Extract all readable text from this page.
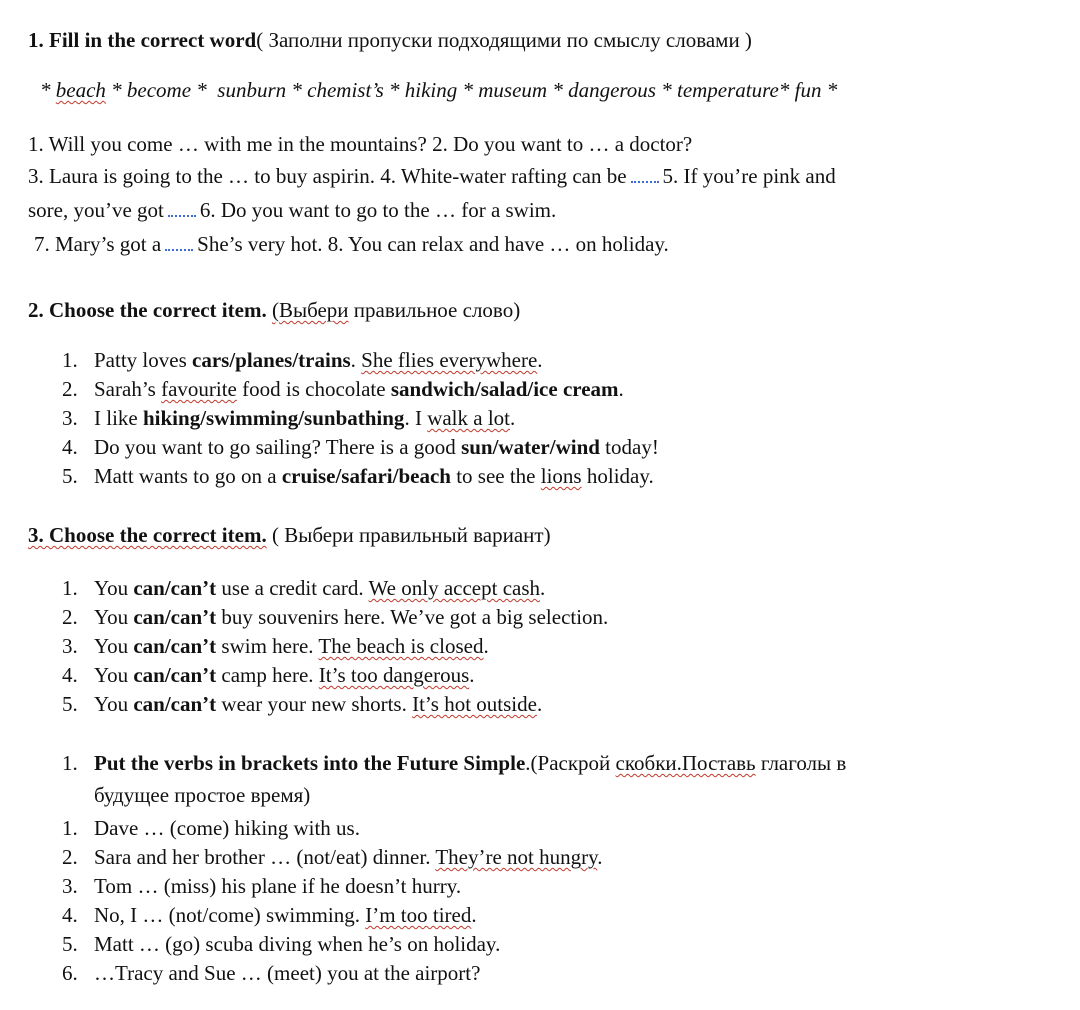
1. Fill in the correct word( Заполни пропуски подходящими по смыслу словами )
* beach * become *  sunburn * chemist’s * hiking * museum * dangerous * temperature* fun *
1. Will you come … with me in the mountains? 2. Do you want to … a doctor?
3. Laura is going to the … to buy aspirin. 4. White-water rafting can be 5. If you’re pink and
sore, you’ve got 6. Do you want to go to the … for a swim.
7. Mary’s got a She’s very hot. 8. You can relax and have … on holiday.
2. Choose the correct item. (Выбери правильное слово)
1. Patty loves cars/planes/trains. She flies everywhere.
2. Sarah’s favourite food is chocolate sandwich/salad/ice cream.
3. I like hiking/swimming/sunbathing. I walk a lot.
4. Do you want to go sailing? There is a good sun/water/wind today!
5. Matt wants to go on a cruise/safari/beach to see the lions holiday.
3. Choose the correct item. ( Выбери правильный вариант)
1. You can/can’t use a credit card. We only accept cash.
2. You can/can’t buy souvenirs here. We’ve got a big selection.
3. You can/can’t swim here. The beach is closed.
4. You can/can’t camp here. It’s too dangerous.
5. You can/can’t wear your new shorts. It’s hot outside.
1. Put the verbs in brackets into the Future Simple.(Раскрой скобки.Поставь глаголы в
будущее простое время)
1. Dave … (come) hiking with us.
2. Sara and her brother … (not/eat) dinner. They’re not hungry.
3. Tom … (miss) his plane if he doesn’t hurry.
4. No, I … (not/come) swimming. I’m too tired.
5. Matt … (go) scuba diving when he’s on holiday.
6. …Tracy and Sue … (meet) you at the airport?
